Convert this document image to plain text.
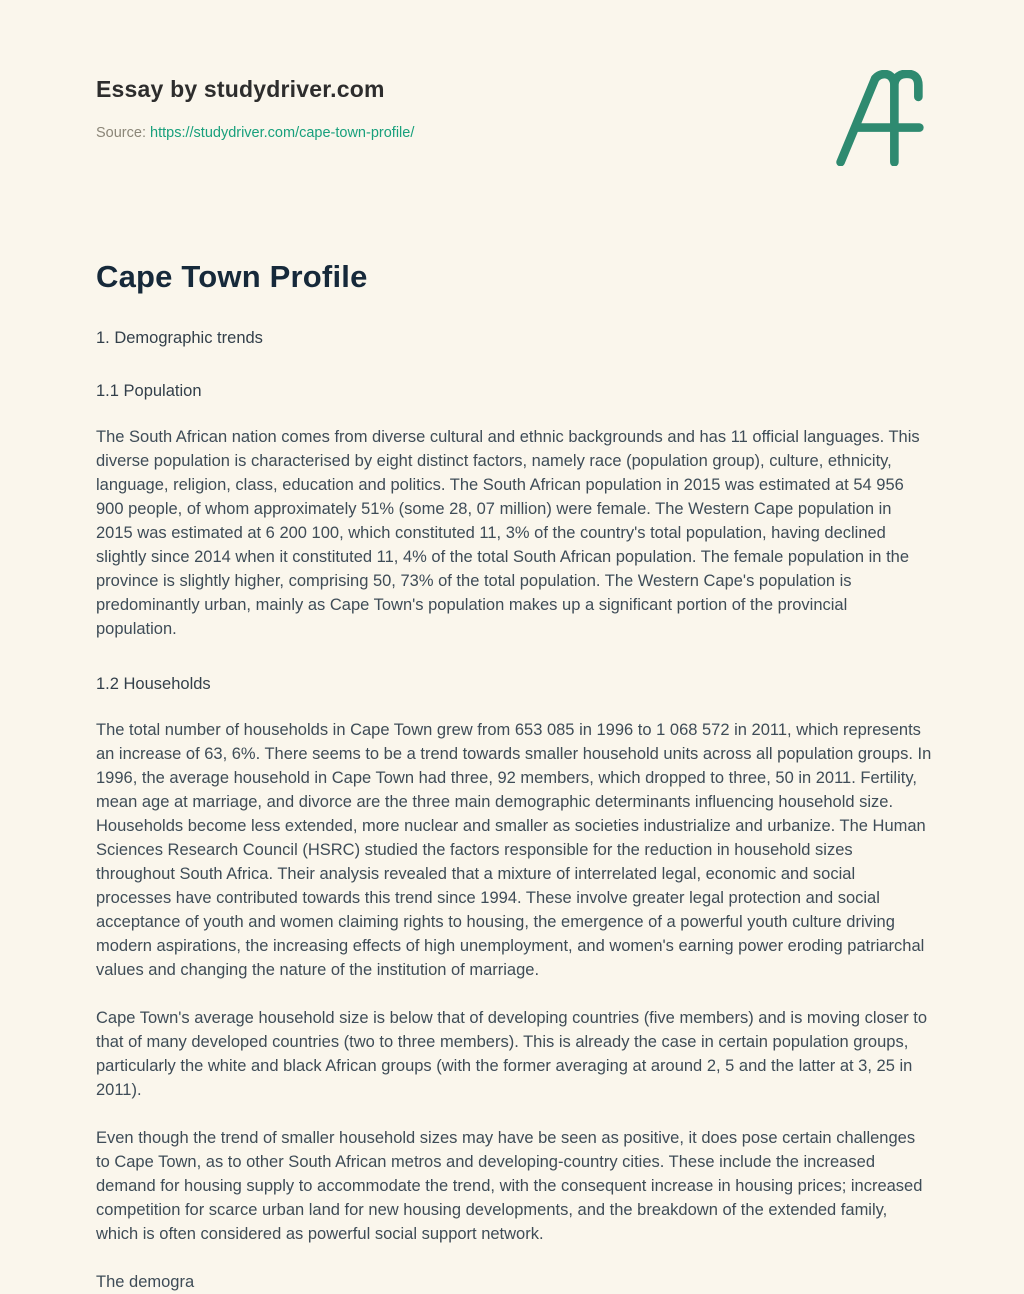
Essay by studydriver.com
Source: https://studydriver.com/cape-town-profile/
Cape Town Profile
1. Demographic trends
1.1 Population

The South African nation comes from diverse cultural and ethnic backgrounds and has 11 official languages. This diverse population is characterised by eight distinct factors, namely race (population group), culture, ethnicity, language, religion, class, education and politics. The South African population in 2015 was estimated at 54 956 900 people, of whom approximately 51% (some 28, 07 million) were female. The Western Cape population in 2015 was estimated at 6 200 100, which constituted 11, 3% of the country's total population, having declined slightly since 2014 when it constituted 11, 4% of the total South African population. The female population in the province is slightly higher, comprising 50, 73% of the total population. The Western Cape's population is predominantly urban, mainly as Cape Town's population makes up a significant portion of the provincial population.

1.2 Households

The total number of households in Cape Town grew from 653 085 in 1996 to 1 068 572 in 2011, which represents an increase of 63, 6%. There seems to be a trend towards smaller household units across all population groups. In 1996, the average household in Cape Town had three, 92 members, which dropped to three, 50 in 2011. Fertility, mean age at marriage, and divorce are the three main demographic determinants influencing household size. Households become less extended, more nuclear and smaller as societies industrialize and urbanize. The Human Sciences Research Council (HSRC) studied the factors responsible for the reduction in household sizes throughout South Africa. Their analysis revealed that a mixture of interrelated legal, economic and social processes have contributed towards this trend since 1994. These involve greater legal protection and social acceptance of youth and women claiming rights to housing, the emergence of a powerful youth culture driving modern aspirations, the increasing effects of high unemployment, and women's earning power eroding patriarchal values and changing the nature of the institution of marriage.

Cape Town's average household size is below that of developing countries (five members) and is moving closer to that of many developed countries (two to three members). This is already the case in certain population groups, particularly the white and black African groups (with the former averaging at around 2, 5 and the latter at 3, 25 in 2011).

Even though the trend of smaller household sizes may have be seen as positive, it does pose certain challenges to Cape Town, as to other South African metros and developing-country cities. These include the increased demand for housing supply to accommodate the trend, with the consequent increase in housing prices; increased competition for scarce urban land for new housing developments, and the breakdown of the extended family, which is often considered as powerful social support network.

The demogra
